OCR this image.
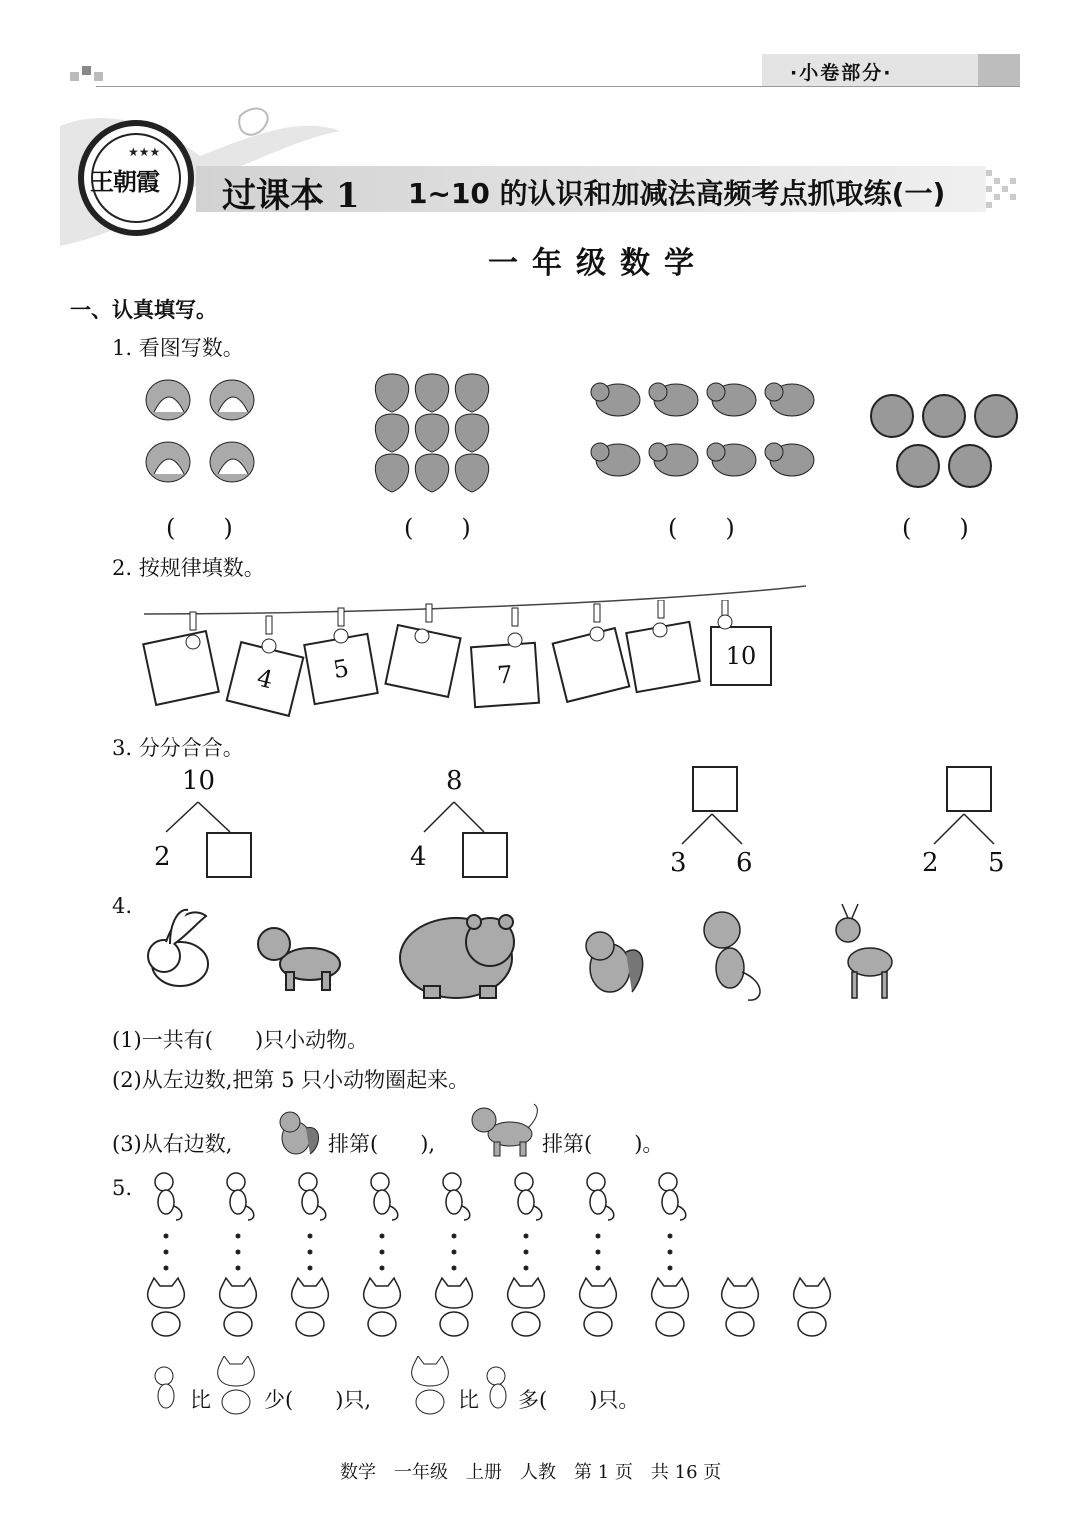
·小卷部分·
★★★
王朝霞 过课本 1 1~10 的认识和加减法高频考点抓取练(一)
一年级数学
一、认真填写。
1. 看图写数。
(　　)	(　　)	(　　)	(　　)
2. 按规律填数。
4	5	7
10
3. 分分合合。
10
2
8
4	3 6	2 5
4.
(1)一共有(　　)只小动物。
(2)从左边数,把第 5 只小动物圈起来。
(3)从右边数,	排第(　　),	排第(　　)。
5.
比	少(　　)只,	比 多(　　)只。
数学　一年级　上册　人教　第 1 页　共 16 页
